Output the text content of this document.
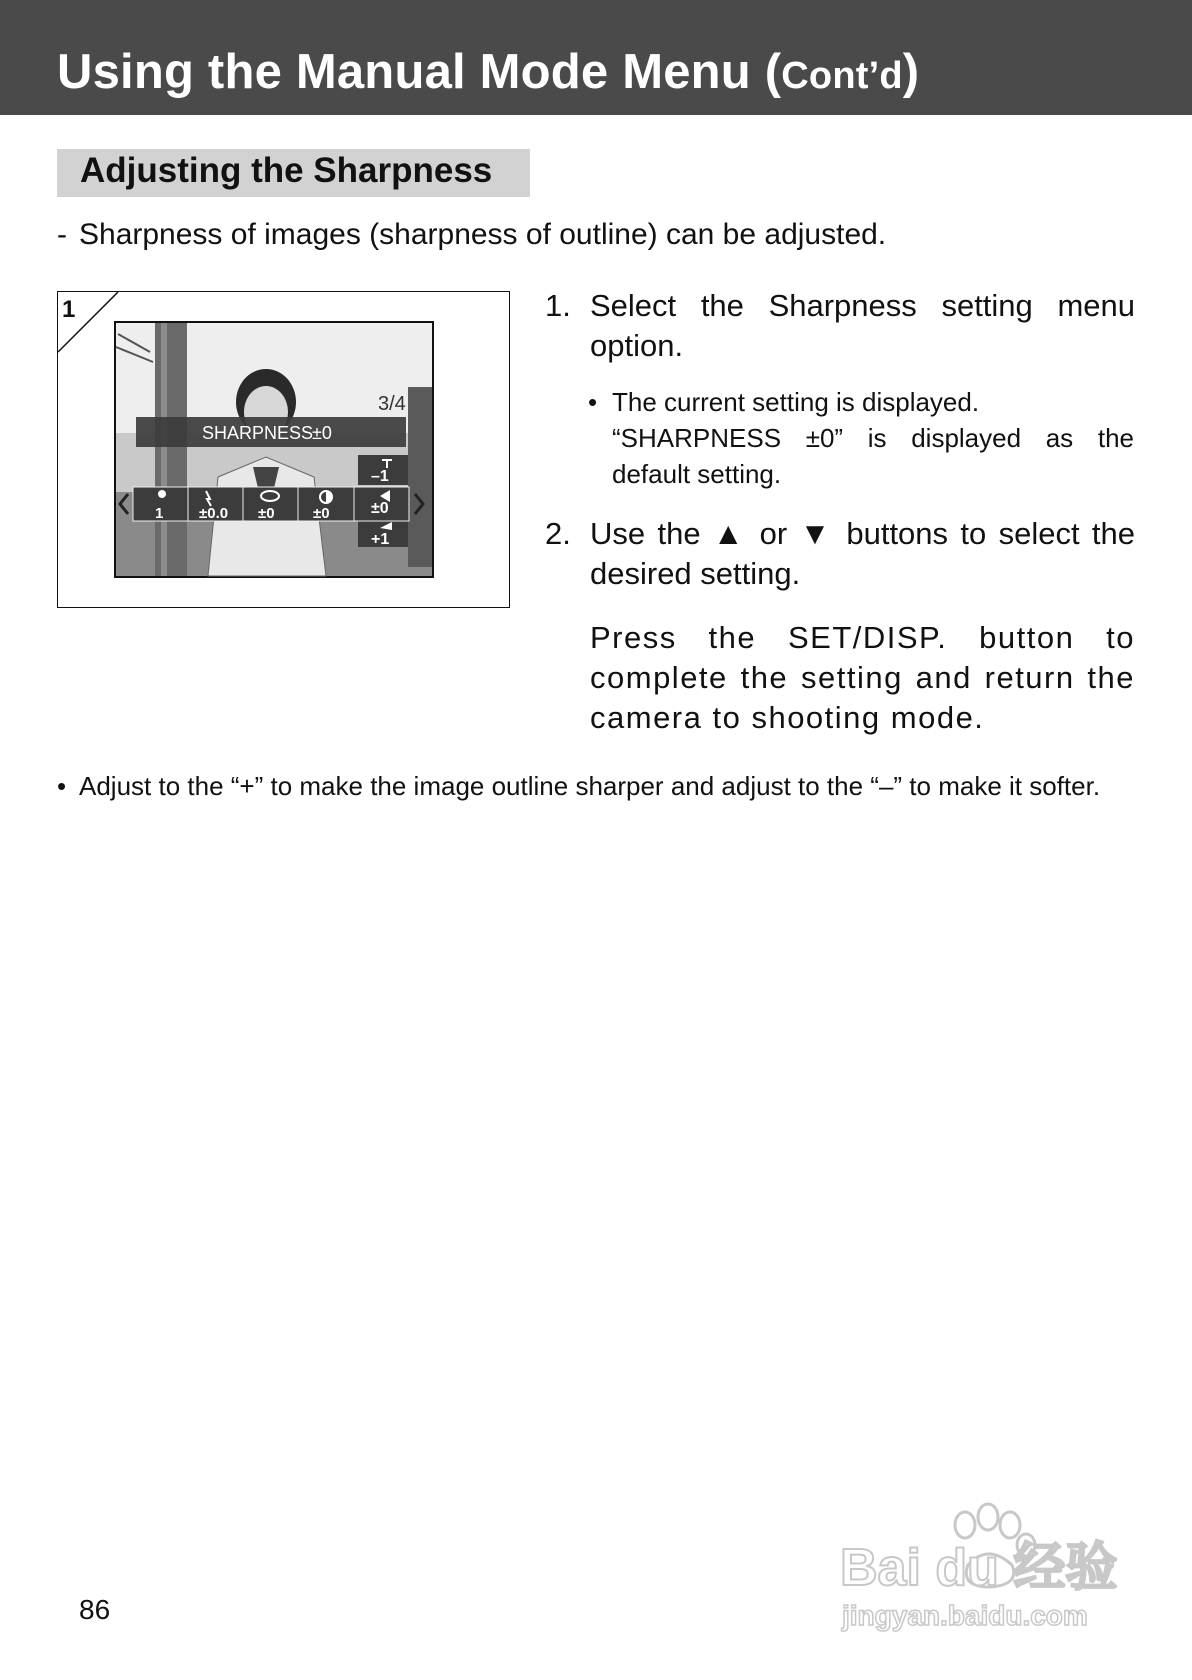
Using the Manual Mode Menu (Cont’d)
Adjusting the Sharpness
- Sharpness of images (sharpness of outline) can be adjusted.
3/4
SHARPNESS
±0
–1
±0
+1
1 ±0.0 ±0	±0
1	1. Select the Sharpness setting menu option.
• The current setting is displayed.
“SHARPNESS ±0” is displayed as the
default setting.
2. Use the ▲ or ▼ buttons to select the desired setting.
Press the SET/DISP. button to complete the setting and return the camera to shooting mode.
• Adjust to the “+” to make the image outline sharper and adjust to the “–” to make it softer.
86
Bai du 经验
jingyan.baidu.com
